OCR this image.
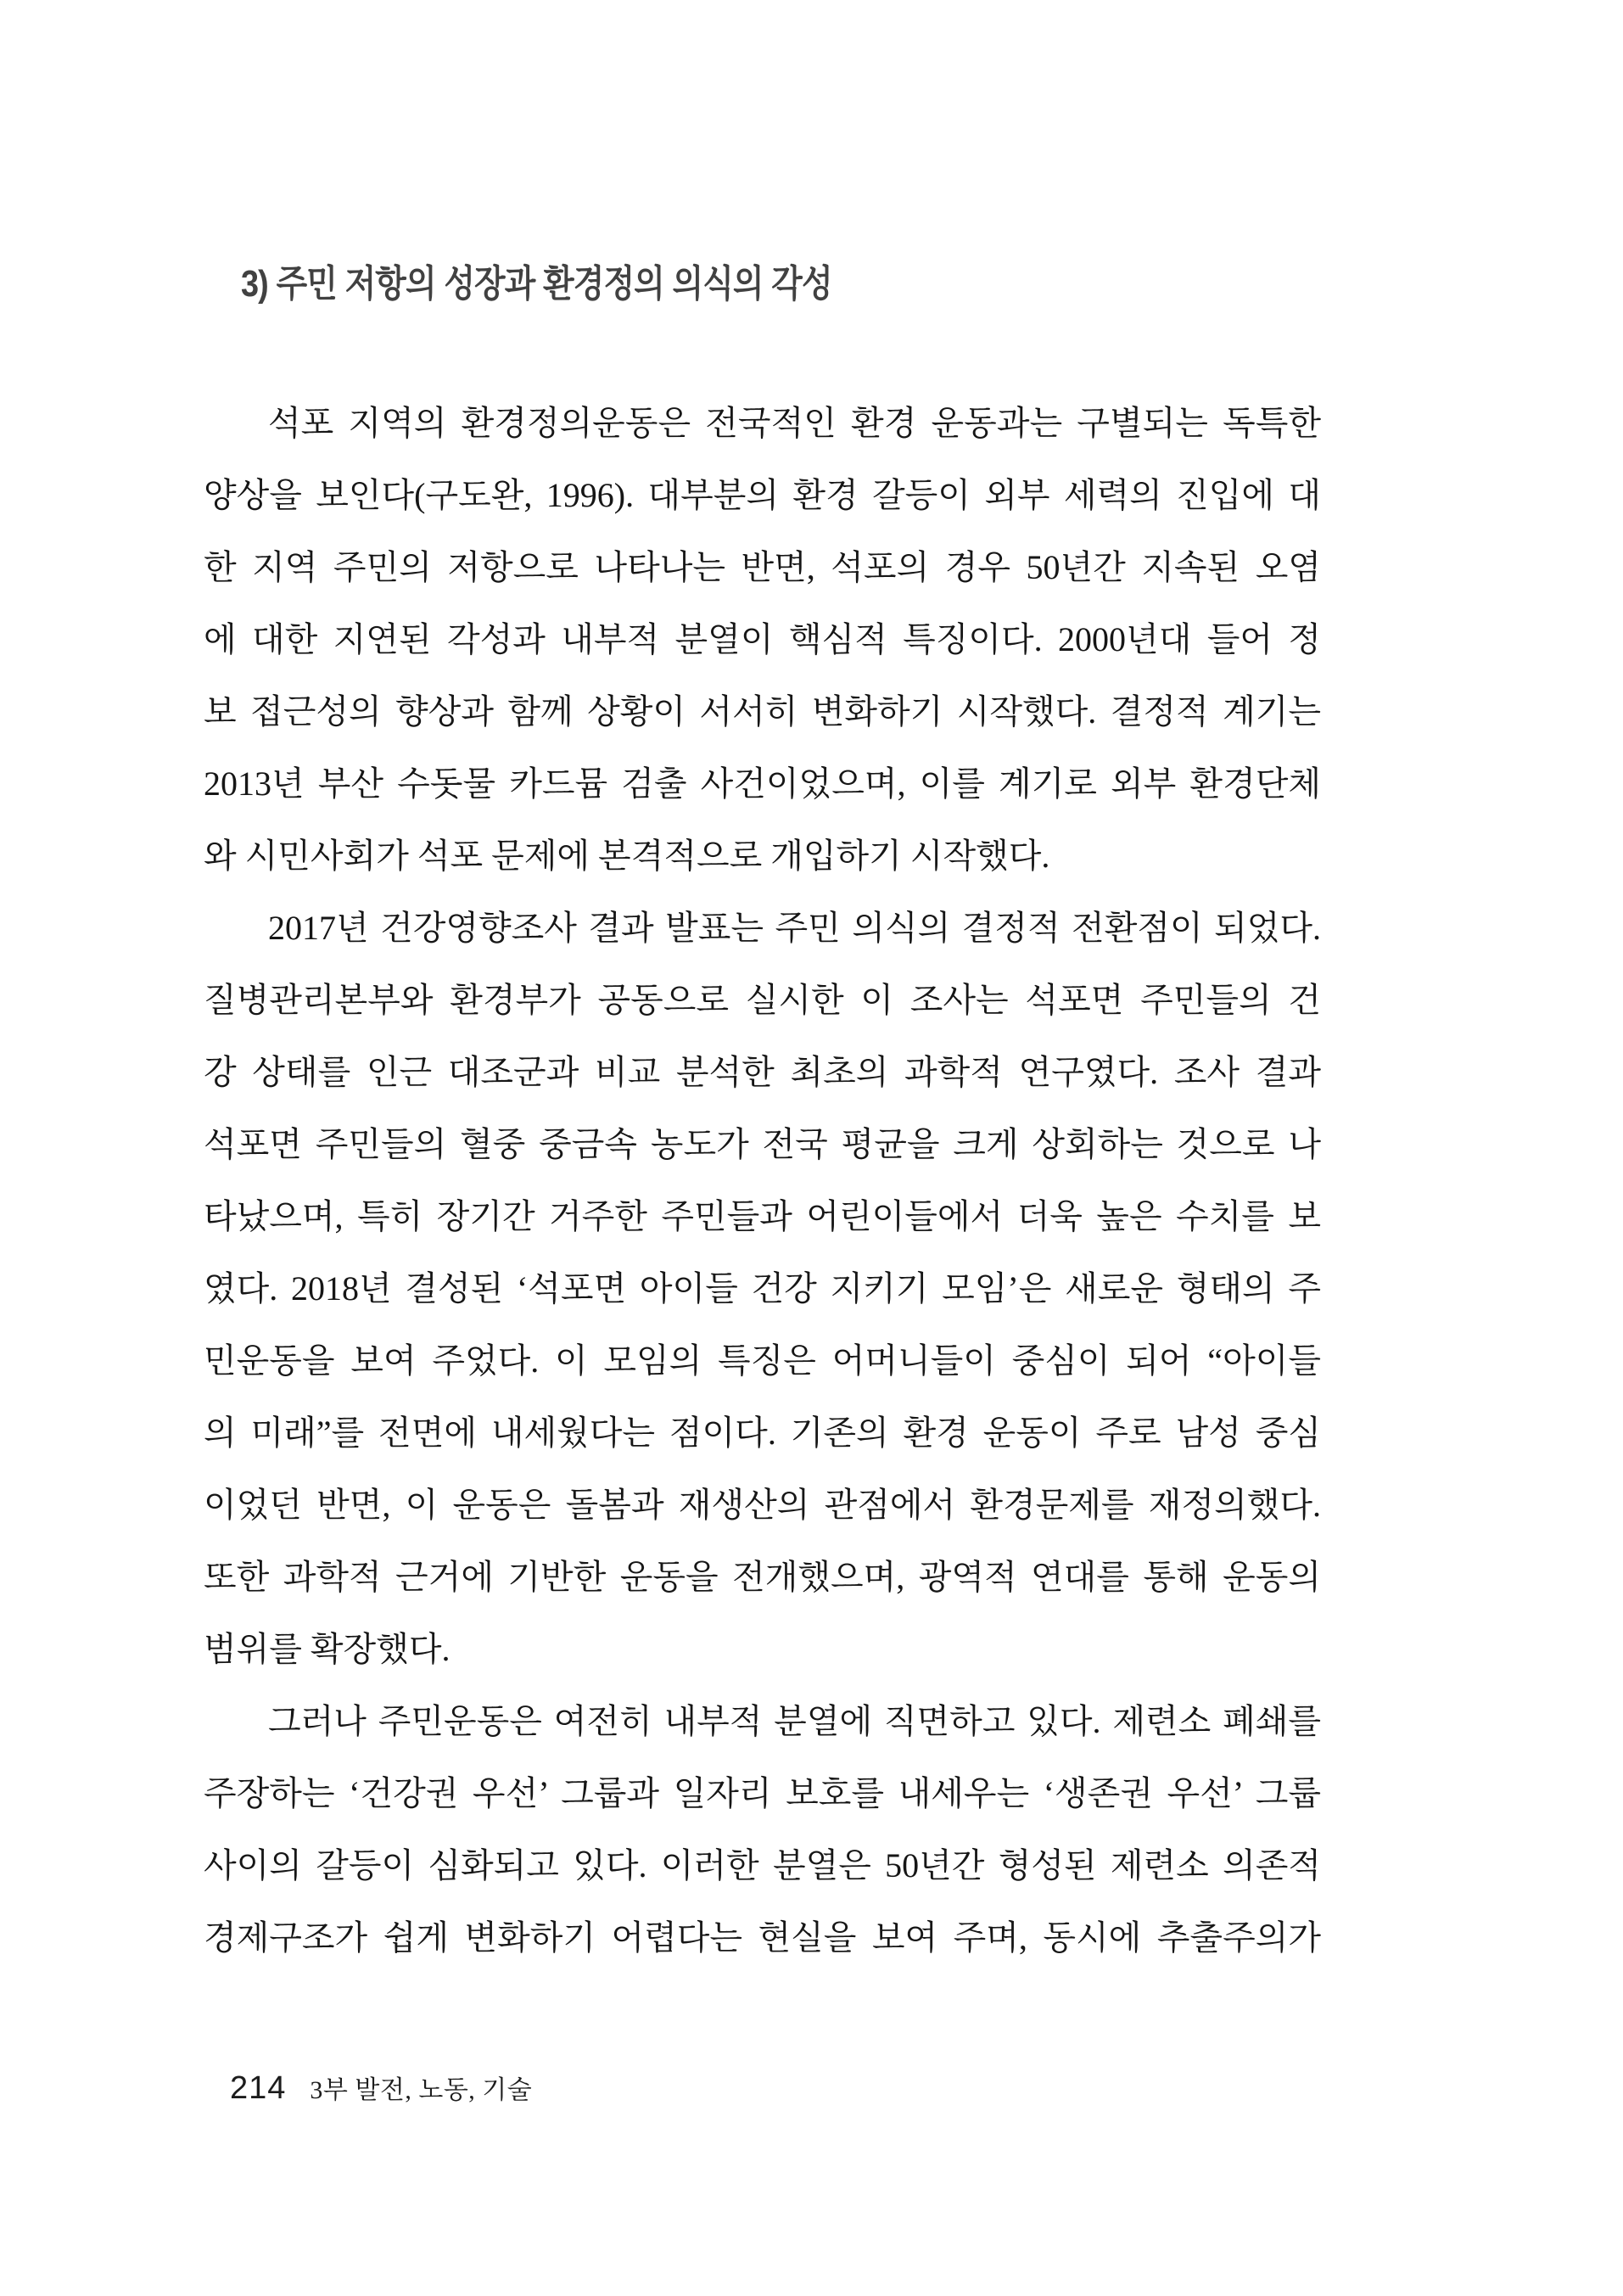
3) 주민 저항의 성장과 환경정의 의식의 각성
석포 지역의 환경정의운동은 전국적인 환경 운동과는 구별되는 독특한
양상을 보인다(구도완, 1996). 대부분의 환경 갈등이 외부 세력의 진입에 대
한 지역 주민의 저항으로 나타나는 반면, 석포의 경우 50년간 지속된 오염
에 대한 지연된 각성과 내부적 분열이 핵심적 특징이다. 2000년대 들어 정
보 접근성의 향상과 함께 상황이 서서히 변화하기 시작했다. 결정적 계기는
2013년 부산 수돗물 카드뮴 검출 사건이었으며, 이를 계기로 외부 환경단체
와 시민사회가 석포 문제에 본격적으로 개입하기 시작했다.
2017년 건강영향조사 결과 발표는 주민 의식의 결정적 전환점이 되었다.
질병관리본부와 환경부가 공동으로 실시한 이 조사는 석포면 주민들의 건
강 상태를 인근 대조군과 비교 분석한 최초의 과학적 연구였다. 조사 결과
석포면 주민들의 혈중 중금속 농도가 전국 평균을 크게 상회하는 것으로 나
타났으며, 특히 장기간 거주한 주민들과 어린이들에서 더욱 높은 수치를 보
였다. 2018년 결성된 ‘석포면 아이들 건강 지키기 모임’은 새로운 형태의 주
민운동을 보여 주었다. 이 모임의 특징은 어머니들이 중심이 되어 “아이들
의 미래”를 전면에 내세웠다는 점이다. 기존의 환경 운동이 주로 남성 중심
이었던 반면, 이 운동은 돌봄과 재생산의 관점에서 환경문제를 재정의했다.
또한 과학적 근거에 기반한 운동을 전개했으며, 광역적 연대를 통해 운동의
범위를 확장했다.
그러나 주민운동은 여전히 내부적 분열에 직면하고 있다. 제련소 폐쇄를
주장하는 ‘건강권 우선’ 그룹과 일자리 보호를 내세우는 ‘생존권 우선’ 그룹
사이의 갈등이 심화되고 있다. 이러한 분열은 50년간 형성된 제련소 의존적
경제구조가 쉽게 변화하기 어렵다는 현실을 보여 주며, 동시에 추출주의가
214 3부 발전, 노동, 기술
